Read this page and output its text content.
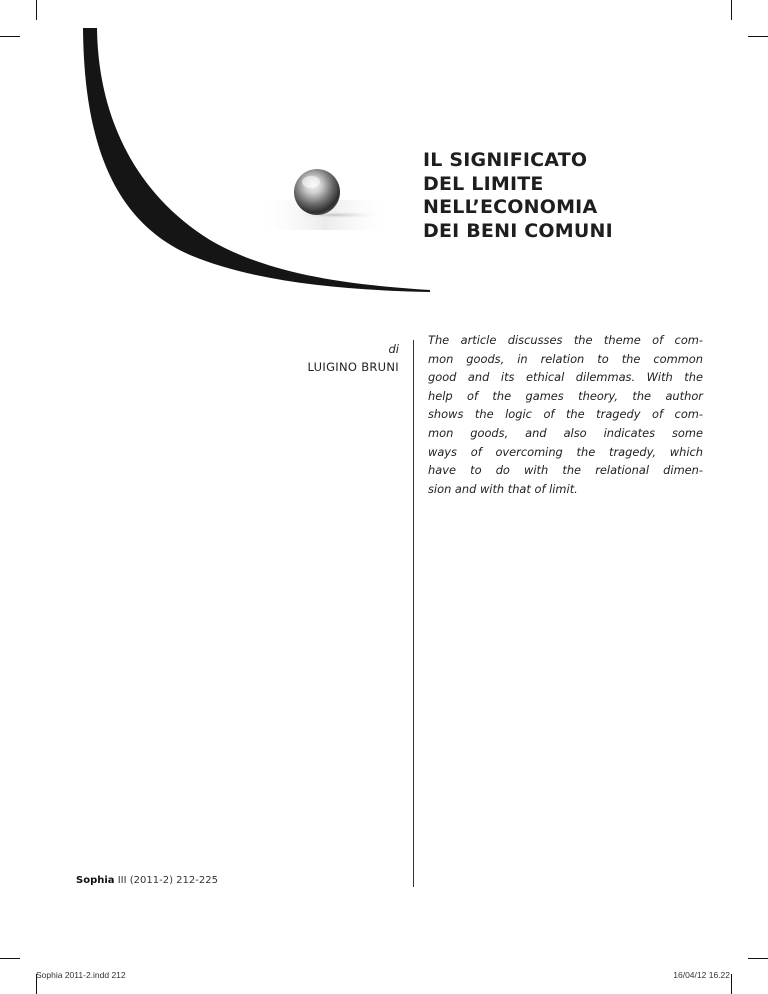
IL SIGNIFICATO
DEL LIMITE
NELL’ECONOMIA
DEI BENI COMUNI
di
LUIGINO BRUNI
The article discusses the theme of com-
mon goods, in relation to the common
good and its ethical dilemmas. With the
help of the games theory, the author
shows the logic of the tragedy of com-
mon goods, and also indicates some
ways of overcoming the tragedy, which
have to do with the relational dimen-
sion and with that of limit.
Sophia III (2011-2) 212-225
Sophia 2011-2.indd 212	16/04/12 16.22
